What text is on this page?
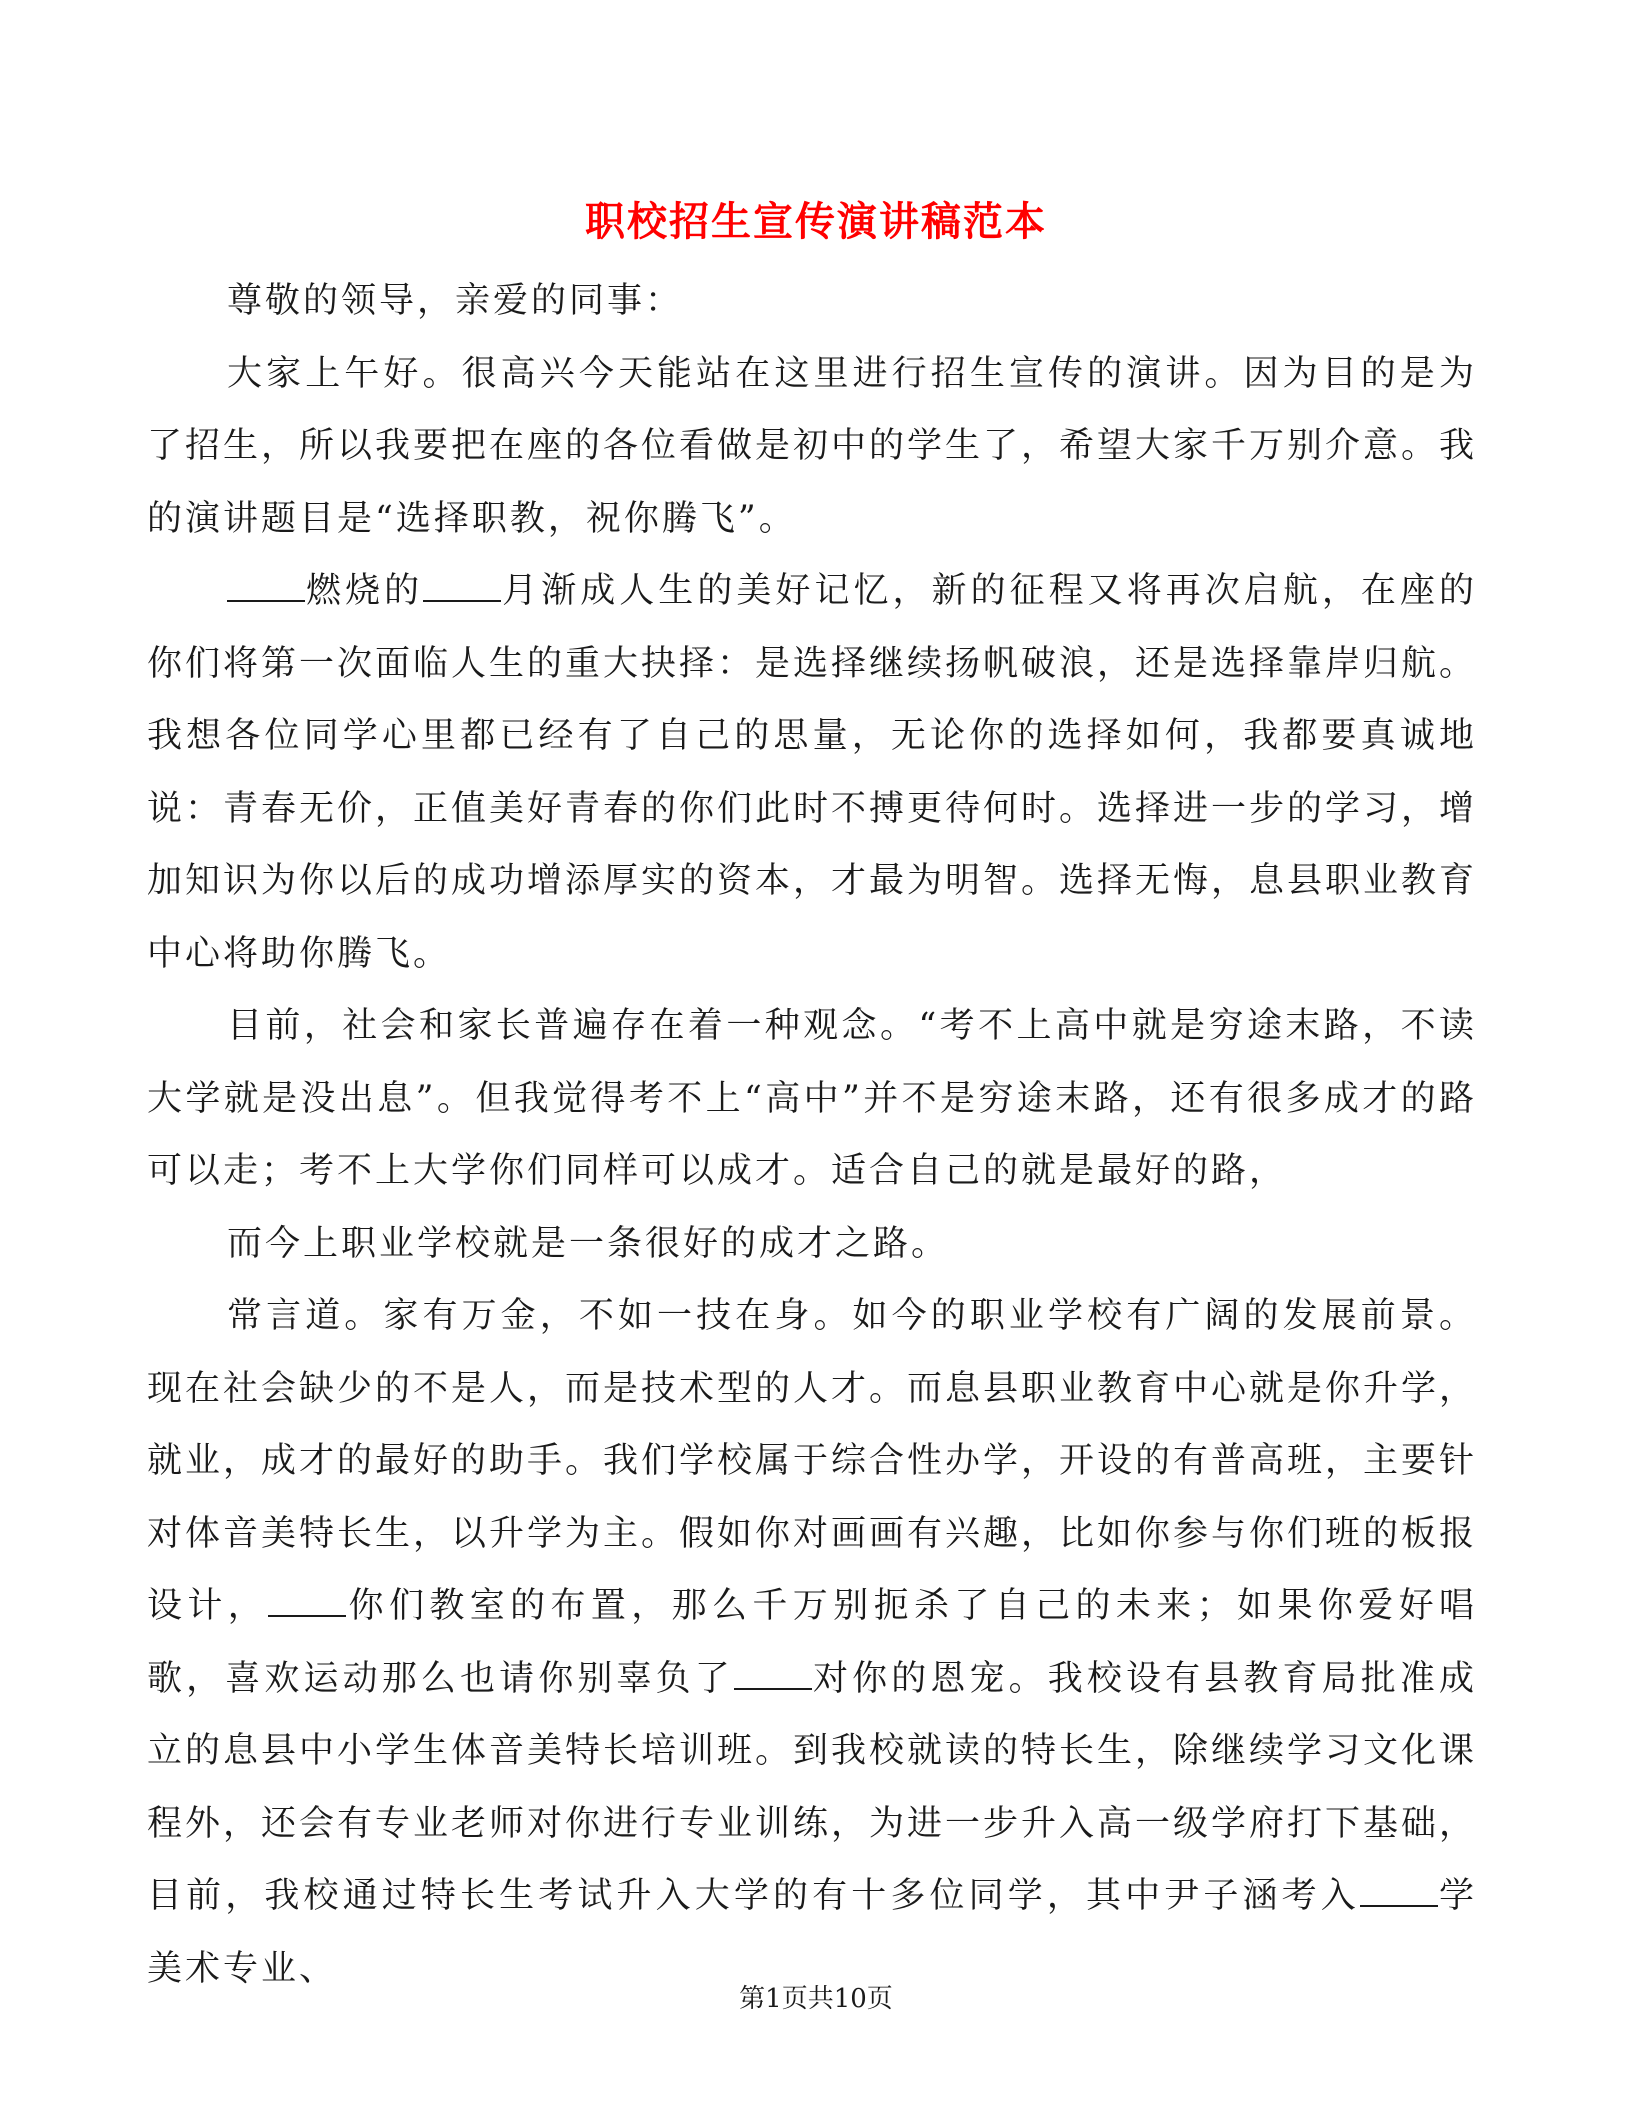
职校招生宣传演讲稿范本

尊敬的领导，亲爱的同事：

大家上午好。很高兴今天能站在这里进行招生宣传的演讲。因为目的是为了招生，所以我要把在座的各位看做是初中的学生了，希望大家千万别介意。我的演讲题目是“选择职教，祝你腾飞”。

燃烧的 月渐成人生的美好记忆，新的征程又将再次启航，在座的你们将第一次面临人生的重大抉择：是选择继续扬帆破浪，还是选择靠岸归航。我想各位同学心里都已经有了自己的思量，无论你的选择如何，我都要真诚地说：青春无价，正值美好青春的你们此时不搏更待何时。选择进一步的学习，增加知识为你以后的成功增添厚实的资本，才最为明智。选择无悔，息县职业教育中心将助你腾飞。

目前，社会和家长普遍存在着一种观念。“考不上高中就是穷途末路，不读大学就是没出息”。但我觉得考不上“高中”并不是穷途末路，还有很多成才的路可以走；考不上大学你们同样可以成才。适合自己的就是最好的路，

而今上职业学校就是一条很好的成才之路。

常言道。家有万金，不如一技在身。如今的职业学校有广阔的发展前景。现在社会缺少的不是人，而是技术型的人才。而息县职业教育中心就是你升学，就业，成才的最好的助手。我们学校属于综合性办学，开设的有普高班，主要针对体音美特长生，以升学为主。假如你对画画有兴趣，比如你参与你们班的板报设计， 你们教室的布置，那么千万别扼杀了自己的未来；如果你爱好唱歌，喜欢运动那么也请你别辜负了 对你的恩宠。我校设有县教育局批准成立的息县中小学生体音美特长培训班。到我校就读的特长生，除继续学习文化课程外，还会有专业老师对你进行专业训练，为进一步升入高一级学府打下基础，目前，我校通过特长生考试升入大学的有十多位同学，其中尹子涵考入 学美术专业、

第1页共10页
